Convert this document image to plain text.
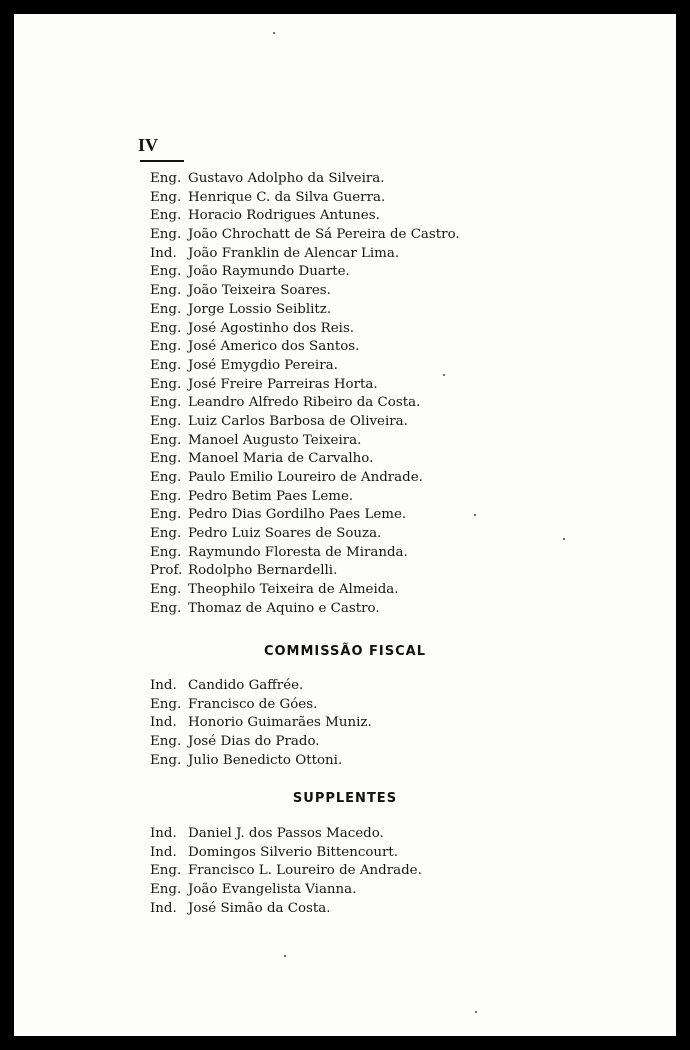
IV
Eng. Gustavo Adolpho da Silveira.
Eng. Henrique C. da Silva Guerra.
Eng. Horacio Rodrigues Antunes.
Eng. João Chrochatt de Sá Pereira de Castro.
Ind. João Franklin de Alencar Lima.
Eng. João Raymundo Duarte.
Eng. João Teixeira Soares.
Eng. Jorge Lossio Seiblitz.
Eng. José Agostinho dos Reis.
Eng. José Americo dos Santos.
Eng. José Emygdio Pereira.
Eng. José Freire Parreiras Horta.
Eng. Leandro Alfredo Ribeiro da Costa.
Eng. Luiz Carlos Barbosa de Oliveira.
Eng. Manoel Augusto Teixeira.
Eng. Manoel Maria de Carvalho.
Eng. Paulo Emilio Loureiro de Andrade.
Eng. Pedro Betim Paes Leme.
Eng. Pedro Dias Gordilho Paes Leme.
Eng. Pedro Luiz Soares de Souza.
Eng. Raymundo Floresta de Miranda.
Prof. Rodolpho Bernardelli.
Eng. Theophilo Teixeira de Almeida.
Eng. Thomaz de Aquino e Castro.
COMMISSÃO FISCAL
Ind. Candido Gaffrée.
Eng. Francisco de Góes.
Ind. Honorio Guimarães Muniz.
Eng. José Dias do Prado.
Eng. Julio Benedicto Ottoni.
SUPPLENTES
Ind. Daniel J. dos Passos Macedo.
Ind. Domingos Silverio Bittencourt.
Eng. Francisco L. Loureiro de Andrade.
Eng. João Evangelista Vianna.
Ind. José Simão da Costa.
